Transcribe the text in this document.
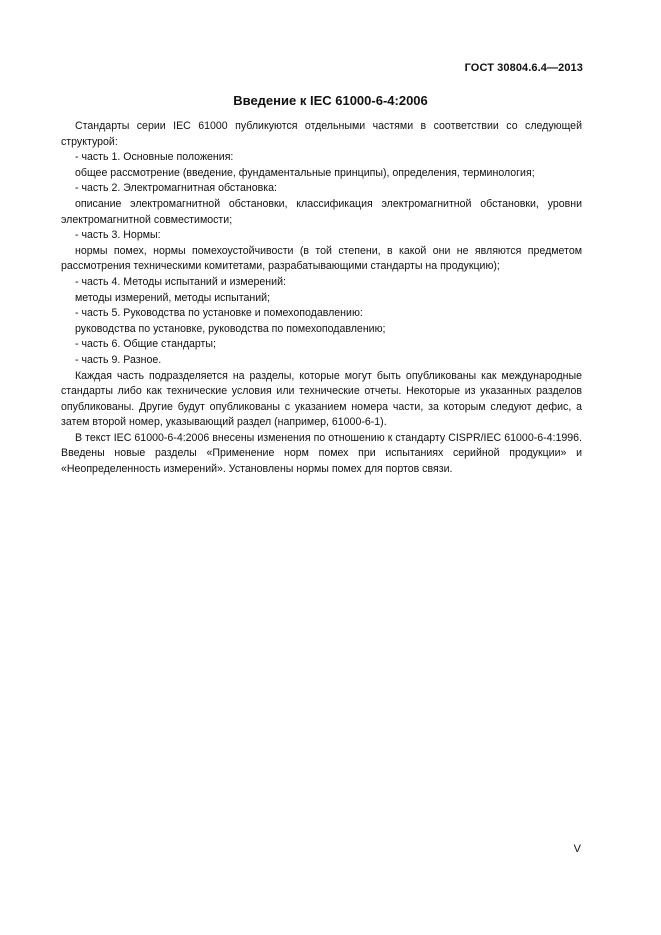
ГОСТ 30804.6.4—2013
Введение к IEC 61000-6-4:2006

Стандарты серии IEC 61000 публикуются отдельными частями в соответствии со следующей структурой:

- часть 1. Основные положения:

общее рассмотрение (введение, фундаментальные принципы), определения, терминология;

- часть 2. Электромагнитная обстановка:

описание электромагнитной обстановки, классификация электромагнитной обстановки, уровни электромагнитной совместимости;

- часть 3. Нормы:

нормы помех, нормы помехоустойчивости (в той степени, в какой они не являются предметом рассмотрения техническими комитетами, разрабатывающими стандарты на продукцию);

- часть 4. Методы испытаний и измерений:

методы измерений, методы испытаний;

- часть 5. Руководства по установке и помехоподавлению:

руководства по установке, руководства по помехоподавлению;

- часть 6. Общие стандарты;

- часть 9. Разное.

Каждая часть подразделяется на разделы, которые могут быть опубликованы как международные стандарты либо как технические условия или технические отчеты. Некоторые из указанных разделов опубликованы. Другие будут опубликованы с указанием номера части, за которым следуют дефис, а затем второй номер, указывающий раздел (например, 61000-6-1).

В текст IEC 61000-6-4:2006 внесены изменения по отношению к стандарту CISPR/IEC 61000-6-4:1996. Введены новые разделы «Применение норм помех при испытаниях серийной продукции» и «Неопределенность измерений». Установлены нормы помех для портов связи.

V
